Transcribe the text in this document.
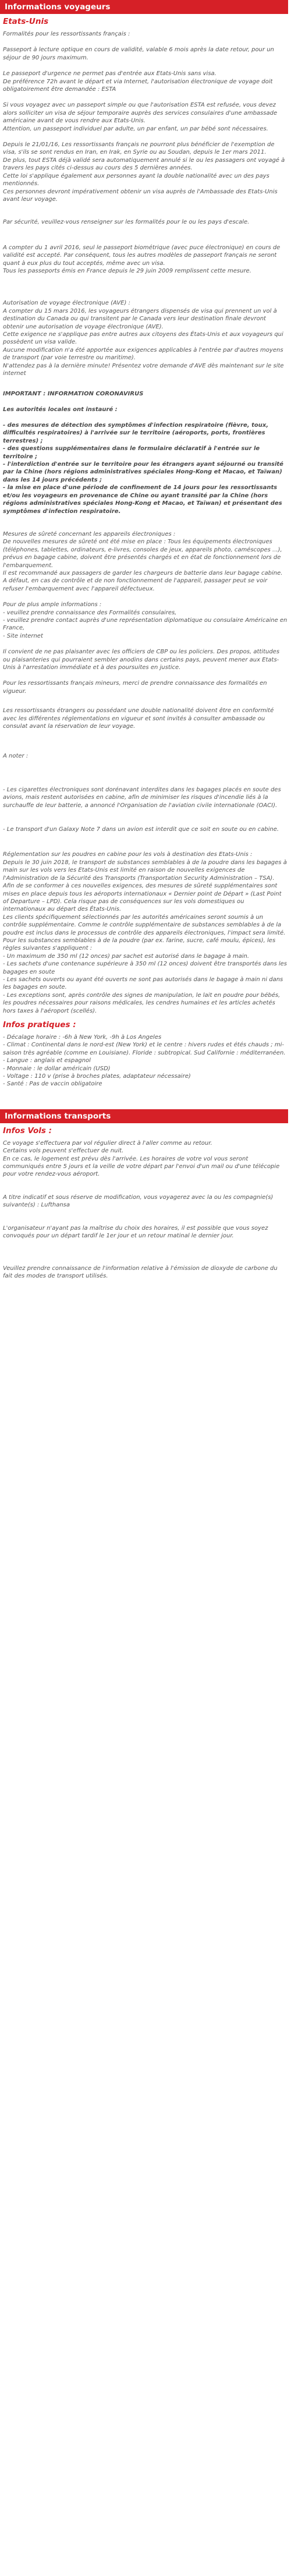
Informations voyageurs
Etats-Unis
Formalités pour les ressortissants français :
Passeport à lecture optique en cours de validité, valable 6 mois après la date retour, pour un séjour de 90 jours maximum.
Le passeport d'urgence ne permet pas d'entrée aux Etats-Unis sans visa.
De préférence 72h avant le départ et via Internet, l'autorisation électronique de voyage doit obligatoirement être demandée : ESTA
Si vous voyagez avec un passeport simple ou que l'autorisation ESTA est refusée, vous devez alors solliciter un visa de séjour temporaire auprès des services consulaires d'une ambassade américaine avant de vous rendre aux Etats-Unis.
Attention, un passeport individuel par adulte, un par enfant, un par bébé sont nécessaires.
Depuis le 21/01/16, Les ressortissants français ne pourront plus bénéficier de l'exemption de visa, s'ils se sont rendus en Iran, en Irak, en Syrie ou au Soudan, depuis le 1er mars 2011.
De plus, tout ESTA déjà validé sera automatiquement annulé si le ou les passagers ont voyagé à travers les pays cités ci-dessus au cours des 5 dernières années.
Cette loi s'applique également aux personnes ayant la double nationalité avec un des pays mentionnés.
Ces personnes devront impérativement obtenir un visa auprès de l'Ambassade des Etats-Unis avant leur voyage.
Par sécurité, veuillez-vous renseigner sur les formalités pour le ou les pays d'escale.
A compter du 1 avril 2016, seul le passeport biométrique (avec puce électronique) en cours de validité est accepté. Par conséquent, tous les autres modèles de passeport français ne seront quant à eux plus du tout acceptés, même avec un visa.
Tous les passeports émis en France depuis le 29 juin 2009 remplissent cette mesure.
Autorisation de voyage électronique (AVE) :
A compter du 15 mars 2016, les voyageurs étrangers dispensés de visa qui prennent un vol à destination du Canada ou qui transitent par le Canada vers leur destination finale devront obtenir une autorisation de voyage électronique (AVE).
Cette exigence ne s'applique pas entre autres aux citoyens des États-Unis et aux voyageurs qui possèdent un visa valide.
Aucune modification n'a été apportée aux exigences applicables à l'entrée par d'autres moyens de transport (par voie terrestre ou maritime).
N'attendez pas à la dernière minute! Présentez votre demande d'AVE dès maintenant sur le site internet
IMPORTANT : INFORMATION CORONAVIRUS

Les autorités locales ont instauré :

- des mesures de détection des symptômes d'infection respiratoire (fièvre, toux, difficultés respiratoires) à l'arrivée sur le territoire (aéroports, ports, frontières terrestres) ;
- des questions supplémentaires dans le formulaire déclaratif à l'entrée sur le territoire ;
- l'interdiction d'entrée sur le territoire pour les étrangers ayant séjourné ou transité par la Chine (hors régions administratives spéciales Hong-Kong et Macao, et Taïwan) dans les 14 jours précédents ;
- la mise en place d'une période de confinement de 14 jours pour les ressortissants et/ou les voyageurs en provenance de Chine ou ayant transité par la Chine (hors régions administratives spéciales Hong-Kong et Macao, et Taïwan) et présentant des symptômes d'infection respiratoire.
Mesures de sûreté concernant les appareils électroniques :
De nouvelles mesures de sûreté ont été mise en place : Tous les équipements électroniques (téléphones, tablettes, ordinateurs, e-livres, consoles de jeux, appareils photo, caméscopes ...), prévus en bagage cabine, doivent être présentés chargés et en état de fonctionnement lors de l'embarquement.
Il est recommandé aux passagers de garder les chargeurs de batterie dans leur bagage cabine. A défaut, en cas de contrôle et de non fonctionnement de l'appareil, passager peut se voir refuser l'embarquement avec l'appareil défectueux.
Pour de plus ample informations :
- veuillez prendre connaissance des Formalités consulaires,
- veuillez prendre contact auprès d'une représentation diplomatique ou consulaire Américaine en France,
- Site internet
Il convient de ne pas plaisanter avec les officiers de CBP ou les policiers. Des propos, attitudes ou plaisanteries qui pourraient sembler anodins dans certains pays, peuvent mener aux Etats-Unis à l'arrestation immédiate et à des poursuites en justice.
Pour les ressortissants français mineurs, merci de prendre connaissance des formalités en vigueur.
Les ressortissants étrangers ou possédant une double nationalité doivent être en conformité avec les différentes réglementations en vigueur et sont invités à consulter ambassade ou consulat avant la réservation de leur voyage.
A noter :
- Les cigarettes électroniques sont dorénavant interdites dans les bagages placés en soute des avions, mais restent autorisées en cabine, afin de minimiser les risques d'incendie liés à la surchauffe de leur batterie, a annoncé l'Organisation de l'aviation civile internationale (OACI).
- Le transport d'un Galaxy Note 7 dans un avion est interdit que ce soit en soute ou en cabine.
Réglementation sur les poudres en cabine pour les vols à destination des Etats-Unis :
Depuis le 30 juin 2018, le transport de substances semblables à de la poudre dans les bagages à main sur les vols vers les Etats-Unis est limité en raison de nouvelles exigences de l'Administration de la Sécurité des Transports (Transportation Security Administration – TSA).
Afin de se conformer à ces nouvelles exigences, des mesures de sûreté supplémentaires sont mises en place depuis tous les aéroports internationaux « Dernier point de Départ » (Last Point of Departure – LPD). Cela risque pas de conséquences sur les vols domestiques ou internationaux au départ des États-Unis.
Les clients spécifiquement sélectionnés par les autorités américaines seront soumis à un contrôle supplémentaire. Comme le contrôle supplémentaire de substances semblables à de la poudre est inclus dans le processus de contrôle des appareils électroniques, l'impact sera limité.
Pour les substances semblables à de la poudre (par ex. farine, sucre, café moulu, épices), les règles suivantes s'appliquent :
- Un maximum de 350 ml (12 onces) par sachet est autorisé dans le bagage à main.
- Les sachets d'une contenance supérieure à 350 ml (12 onces) doivent être transportés dans les bagages en soute
- Les sachets ouverts ou ayant été ouverts ne sont pas autorisés dans le bagage à main ni dans les bagages en soute.
- Les exceptions sont, après contrôle des signes de manipulation, le lait en poudre pour bébés, les poudres nécessaires pour raisons médicales, les cendres humaines et les articles achetés hors taxes à l'aéroport (scellés).
Infos pratiques :
- Décalage horaire : -6h à New York, -9h à Los Angeles
- Climat : Continental dans le nord-est (New York) et le centre : hivers rudes et étés chauds ; mi-saison très agréable (comme en Louisiane). Floride : subtropical. Sud Californie : méditerranéen.
- Langue : anglais et espagnol
- Monnaie : le dollar américain (USD)
- Voltage : 110 v (prise à broches plates, adaptateur nécessaire)
- Santé : Pas de vaccin obligatoire
Informations transports
Infos Vols :
Ce voyage s'effectuera par vol régulier direct à l'aller comme au retour.
Certains vols peuvent s'effectuer de nuit.
En ce cas, le logement est prévu dès l'arrivée. Les horaires de votre vol vous seront communiqués entre 5 jours et la veille de votre départ par l'envoi d'un mail ou d'une télécopie pour votre rendez-vous aéroport.
A titre indicatif et sous réserve de modification, vous voyagerez avec la ou les compagnie(s) suivante(s) : Lufthansa
L'organisateur n'ayant pas la maîtrise du choix des horaires, il est possible que vous soyez convoqués pour un départ tardif le 1er jour et un retour matinal le dernier jour.
Veuillez prendre connaissance de l'information relative à l'émission de dioxyde de carbone du fait des modes de transport utilisés.
